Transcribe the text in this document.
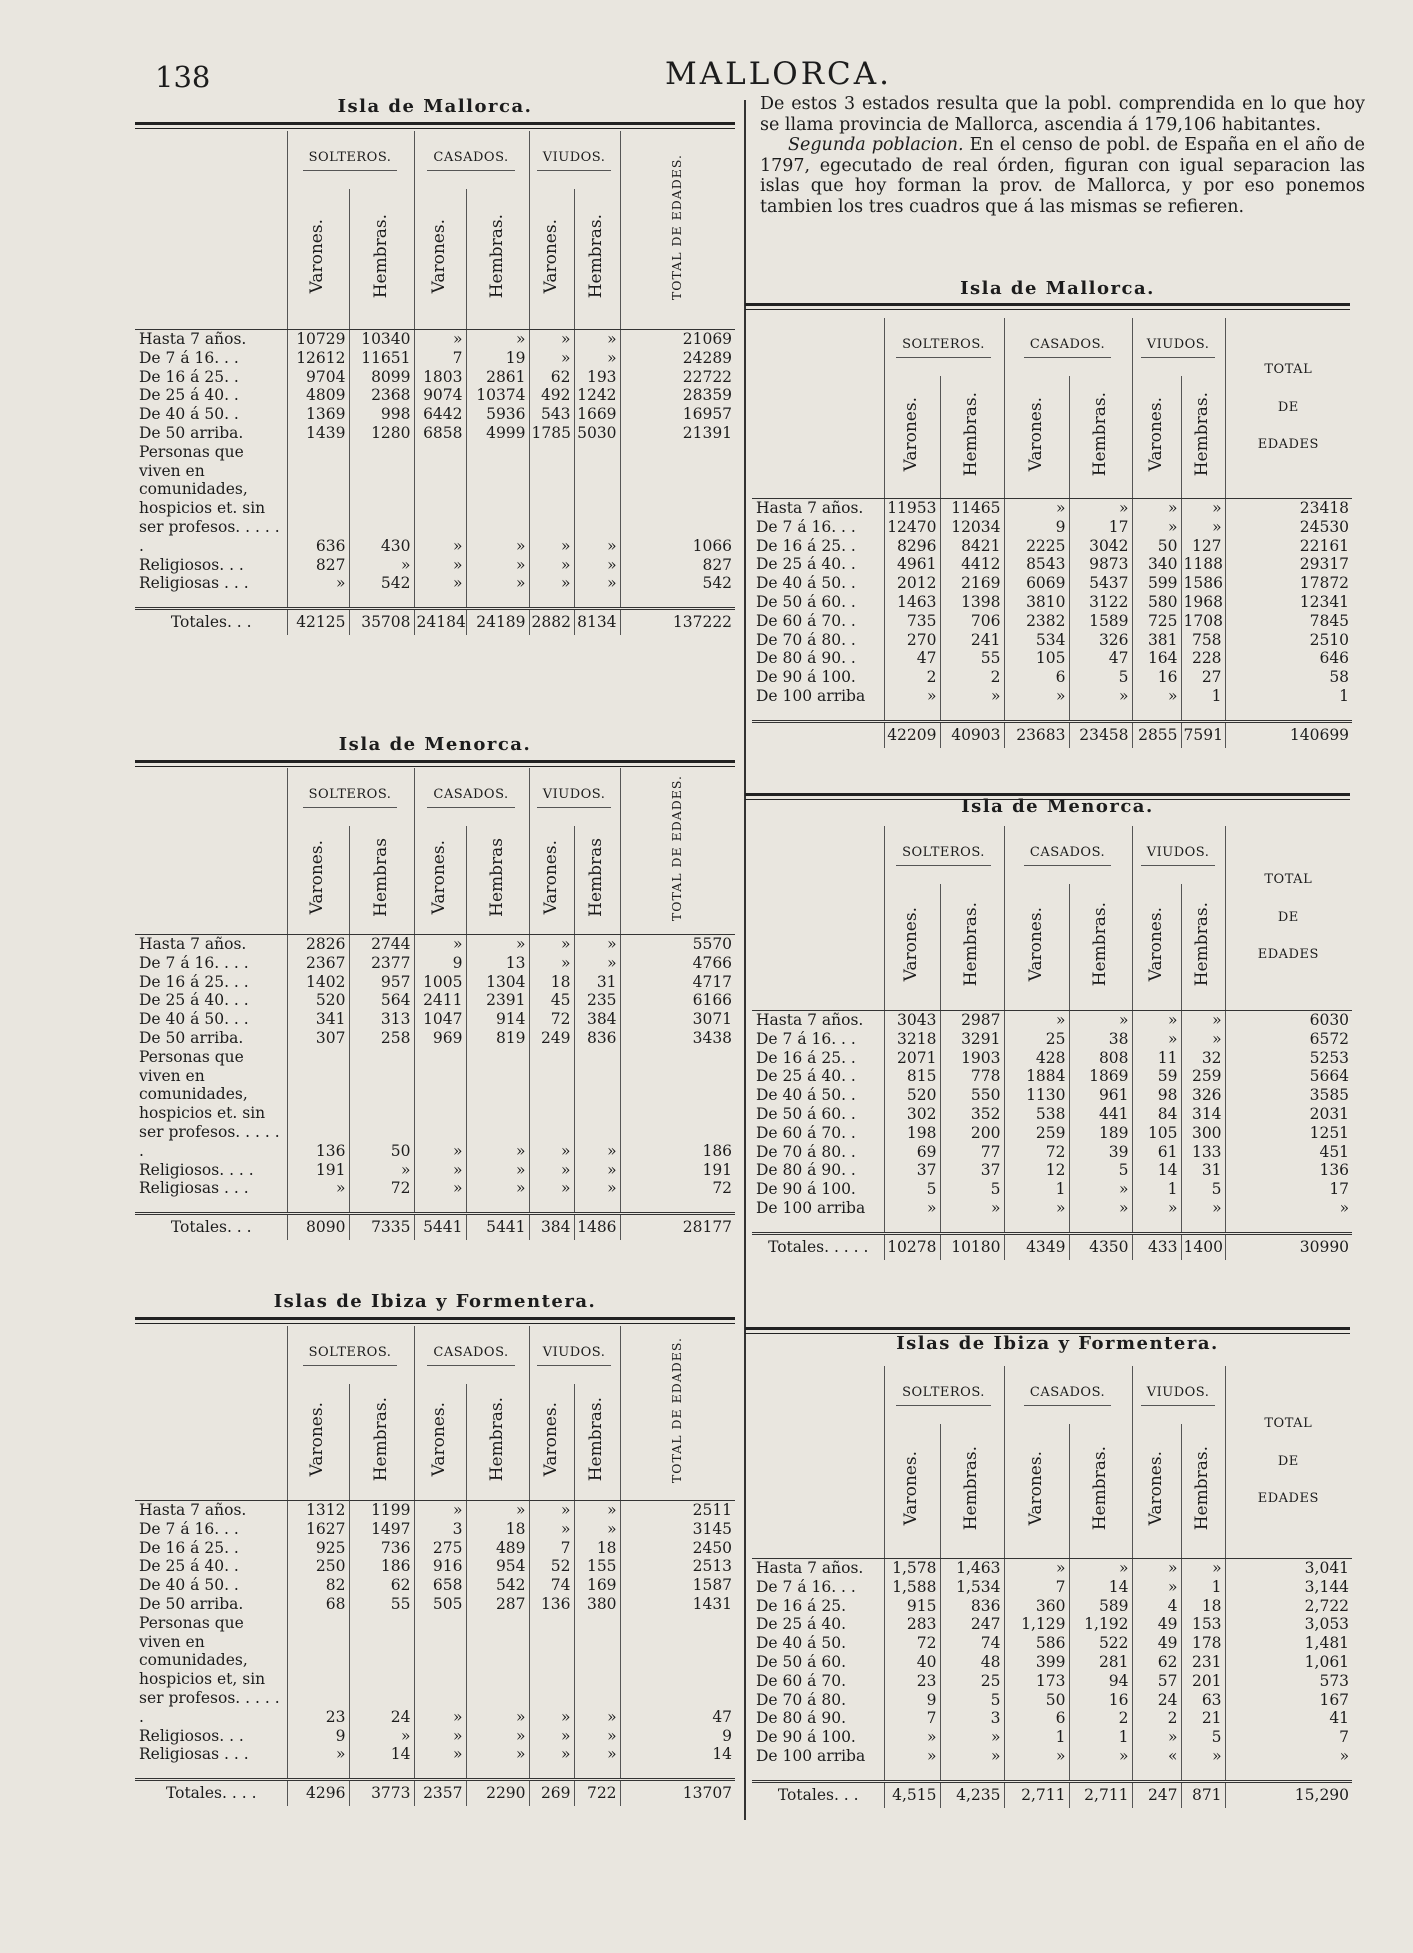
138	MALLORCA.

De estos 3 estados resulta que la pobl. comprendida en lo que hoy se llama provincia de Mallorca, ascendia á 179,106 habitantes.

Segunda poblacion. En el censo de pobl. de España en el año de 1797, egecutado de real órden, figuran con igual separacion las islas que hoy forman la prov. de Mallorca, y por eso ponemos tambien los tres cuadros que á las mismas se refieren.

Isla de Mallorca.
	SOLTEROS.		CASADOS.		VIUDOS.		TOTAL DE EDADES.
	Varones.	Hembras.	Varones.	Hembras.	Varones.	Hembras.	
Hasta 7 años.	10729	10340	»	»	»	»	21069
De 7 á 16. . .	12612	11651	7	19	»	»	24289
De 16 á 25. .	9704	8099	1803	2861	62	193	22722
De 25 á 40. .	4809	2368	9074	10374	492	1242	28359
De 40 á 50. .	1369	998	6442	5936	543	1669	16957
De 50 arriba.	1439	1280	6858	4999	1785	5030	21391
Personas que viven en comunidades, hospicios et. sin ser profesos. . . . . .	636	430	»	»	»	»	1066
Religiosos. . .	827	»	»	»	»	»	827
Religiosas . . .	»	542	»	»	»	»	542

Totales. . .	42125	35708	24184	24189	2882	8134	137222
Isla de Menorca.
	SOLTEROS.		CASADOS.		VIUDOS.		TOTAL DE EDADES.
	Varones.	Hembras	Varones.	Hembras	Varones.	Hembras	
Hasta 7 años.	2826	2744	»	»	»	»	5570
De 7 á 16. . . .	2367	2377	9	13	»	»	4766
De 16 á 25. . .	1402	957	1005	1304	18	31	4717
De 25 á 40. . .	520	564	2411	2391	45	235	6166
De 40 á 50. . .	341	313	1047	914	72	384	3071
De 50 arriba.	307	258	969	819	249	836	3438
Personas que viven en comunidades, hospicios et. sin ser profesos. . . . . .	136	50	»	»	»	»	186
Religiosos. . . .	191	»	»	»	»	»	191
Religiosas . . .	»	72	»	»	»	»	72

Totales. . .	8090	7335	5441	5441	384	1486	28177
Islas de Ibiza y Formentera.
	SOLTEROS.		CASADOS.		VIUDOS.		TOTAL DE EDADES.
	Varones.	Hembras.	Varones.	Hembras.	Varones.	Hembras.	
Hasta 7 años.	1312	1199	»	»	»	»	2511
De 7 á 16. . .	1627	1497	3	18	»	»	3145
De 16 á 25. .	925	736	275	489	7	18	2450
De 25 á 40. .	250	186	916	954	52	155	2513
De 40 á 50. .	82	62	658	542	74	169	1587
De 50 arriba.	68	55	505	287	136	380	1431
Personas que viven en comunidades, hospicios et, sin ser profesos. . . . . .	23	24	»	»	»	»	47
Religiosos. . .	9	»	»	»	»	»	9
Religiosas . . .	»	14	»	»	»	»	14

Totales. . . .	4296	3773	2357	2290	269	722	13707
Isla de Mallorca.
	SOLTEROS.		CASADOS.		VIUDOS.		TOTAL

DE

EDADES
	Varones.	Hembras.	Varones.	Hembras.	Varones.	Hembras.	
Hasta 7 años.	11953	11465	»	»	»	»	23418
De 7 á 16. . .	12470	12034	9	17	»	»	24530
De 16 á 25. .	8296	8421	2225	3042	50	127	22161
De 25 á 40. .	4961	4412	8543	9873	340	1188	29317
De 40 á 50. .	2012	2169	6069	5437	599	1586	17872
De 50 á 60. .	1463	1398	3810	3122	580	1968	12341
De 60 á 70. .	735	706	2382	1589	725	1708	7845
De 70 á 80. .	270	241	534	326	381	758	2510
De 80 á 90. .	47	55	105	47	164	228	646
De 90 á 100.	2	2	6	5	16	27	58
De 100 arriba	»	»	»	»	»	1	1

	42209	40903	23683	23458	2855	7591	140699
Isla de Menorca.
	SOLTEROS.		CASADOS.		VIUDOS.		TOTAL

DE

EDADES
	Varones.	Hembras.	Varones.	Hembras.	Varones.	Hembras.	
Hasta 7 años.	3043	2987	»	»	»	»	6030
De 7 á 16. . .	3218	3291	25	38	»	»	6572
De 16 á 25. .	2071	1903	428	808	11	32	5253
De 25 á 40. .	815	778	1884	1869	59	259	5664
De 40 á 50. .	520	550	1130	961	98	326	3585
De 50 á 60. .	302	352	538	441	84	314	2031
De 60 á 70. .	198	200	259	189	105	300	1251
De 70 á 80. .	69	77	72	39	61	133	451
De 80 á 90. .	37	37	12	5	14	31	136
De 90 á 100.	5	5	1	»	1	5	17
De 100 arriba	»	»	»	»	»	»	»

Totales. . . . .	10278	10180	4349	4350	433	1400	30990
Islas de Ibiza y Formentera.
	SOLTEROS.		CASADOS.		VIUDOS.		TOTAL

DE

EDADES
	Varones.	Hembras.	Varones.	Hembras.	Varones.	Hembras.	
Hasta 7 años.	1,578	1,463	»	»	»	»	3,041
De 7 á 16. . .	1,588	1,534	7	14	»	1	3,144
De 16 á 25.	915	836	360	589	4	18	2,722
De 25 á 40.	283	247	1,129	1,192	49	153	3,053
De 40 á 50.	72	74	586	522	49	178	1,481
De 50 á 60.	40	48	399	281	62	231	1,061
De 60 á 70.	23	25	173	94	57	201	573
De 70 á 80.	9	5	50	16	24	63	167
De 80 á 90.	7	3	6	2	2	21	41
De 90 á 100.	»	»	1	1	»	5	7
De 100 arriba	»	»	»	»	«	»	»

Totales. . .	4,515	4,235	2,711	2,711	247	871	15,290
